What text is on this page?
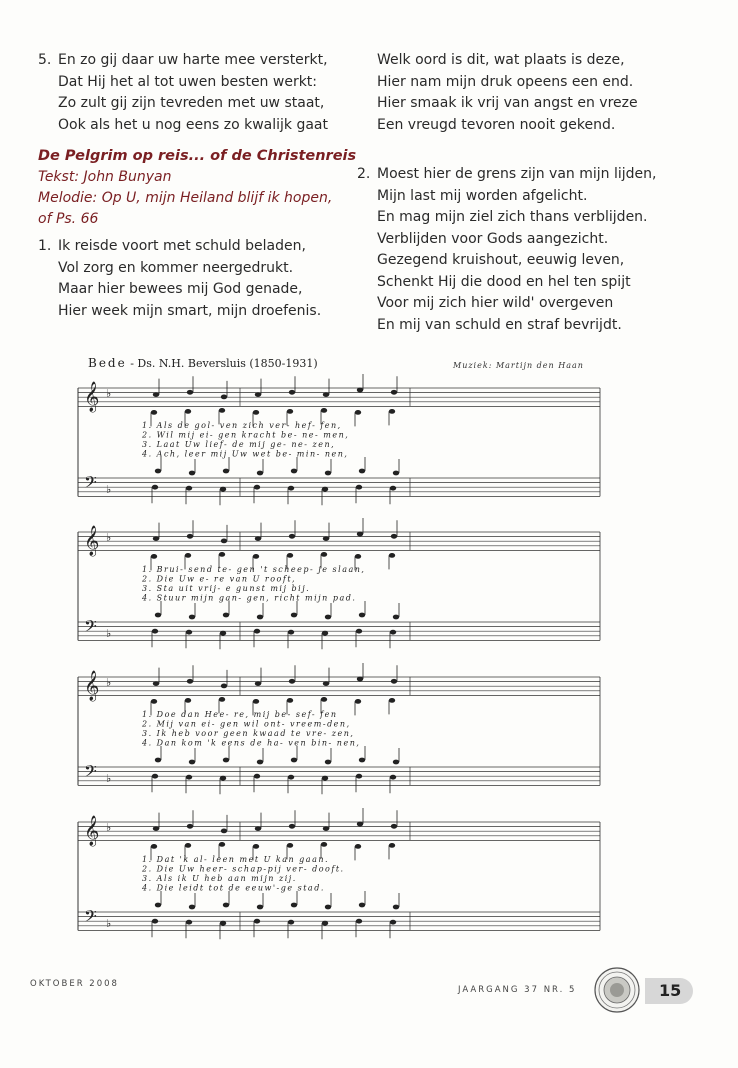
5. En zo gij daar uw harte mee versterkt,
Dat Hij het al tot uwen besten werkt:
Zo zult gij zijn tevreden met uw staat,
Ook als het u nog eens zo kwalijk gaat
De Pelgrim op reis... of de Christenreis
Tekst: John Bunyan
Melodie: Op U, mijn Heiland blijf ik hopen,
of Ps. 66
1. Ik reisde voort met schuld beladen,
Vol zorg en kommer neergedrukt.
Maar hier bewees mij God genade,
Hier week mijn smart, mijn droefenis.
Welk oord is dit, wat plaats is deze,
Hier nam mijn druk opeens een end.
Hier smaak ik vrij van angst en vreze
Een vreugd tevoren nooit gekend.
2. Moest hier de grens zijn van mijn lijden,
Mijn last mij worden afgelicht.
En mag mijn ziel zich thans verblijden.
Verblijden voor Gods aangezicht.
Gezegend kruishout, eeuwig leven,
Schenkt Hij die dood en hel ten spijt
Voor mij zich hier wild' overgeven
En mij van schuld en straf bevrijdt.
Bede - Ds. N.H. Beversluis (1850-1931)	Muziek: Martijn den Haan
𝄞
𝄢
♭
♭
1. Als de gol- ven zich ver- hef- fen,
2. Wil mij ei- gen kracht be- ne- men,
3. Laat Uw lief- de mij ge- ne- zen,
4. Ach, leer mij Uw wet be- min- nen,
𝄞
𝄢
♭
♭
1. Brui- send te- gen 't scheep- je slaan,
2. Die Uw e- re van U rooft,
3. Sta uit vrij- e gunst mij bij.
4. Stuur mijn gan- gen, richt mijn pad.
𝄞
𝄢
♭
♭
1. Doe dan Hee- re, mij be- sef- fen
2. Mij van ei- gen wil ont- vreem-den,
3. Ik heb voor geen kwaad te vre- zen,
4. Dan kom 'k eens de ha- ven bin- nen,
𝄞
𝄢
♭
♭
1. Dat 'k al- leen met U kan gaan.
2. Die Uw heer- schap-pij ver- dooft.
3. Als ik U heb aan mijn zij.
4. Die leidt tot de eeuw'-ge stad.
OKTOBER 2008
JAARGANG 37 NR. 5	15
